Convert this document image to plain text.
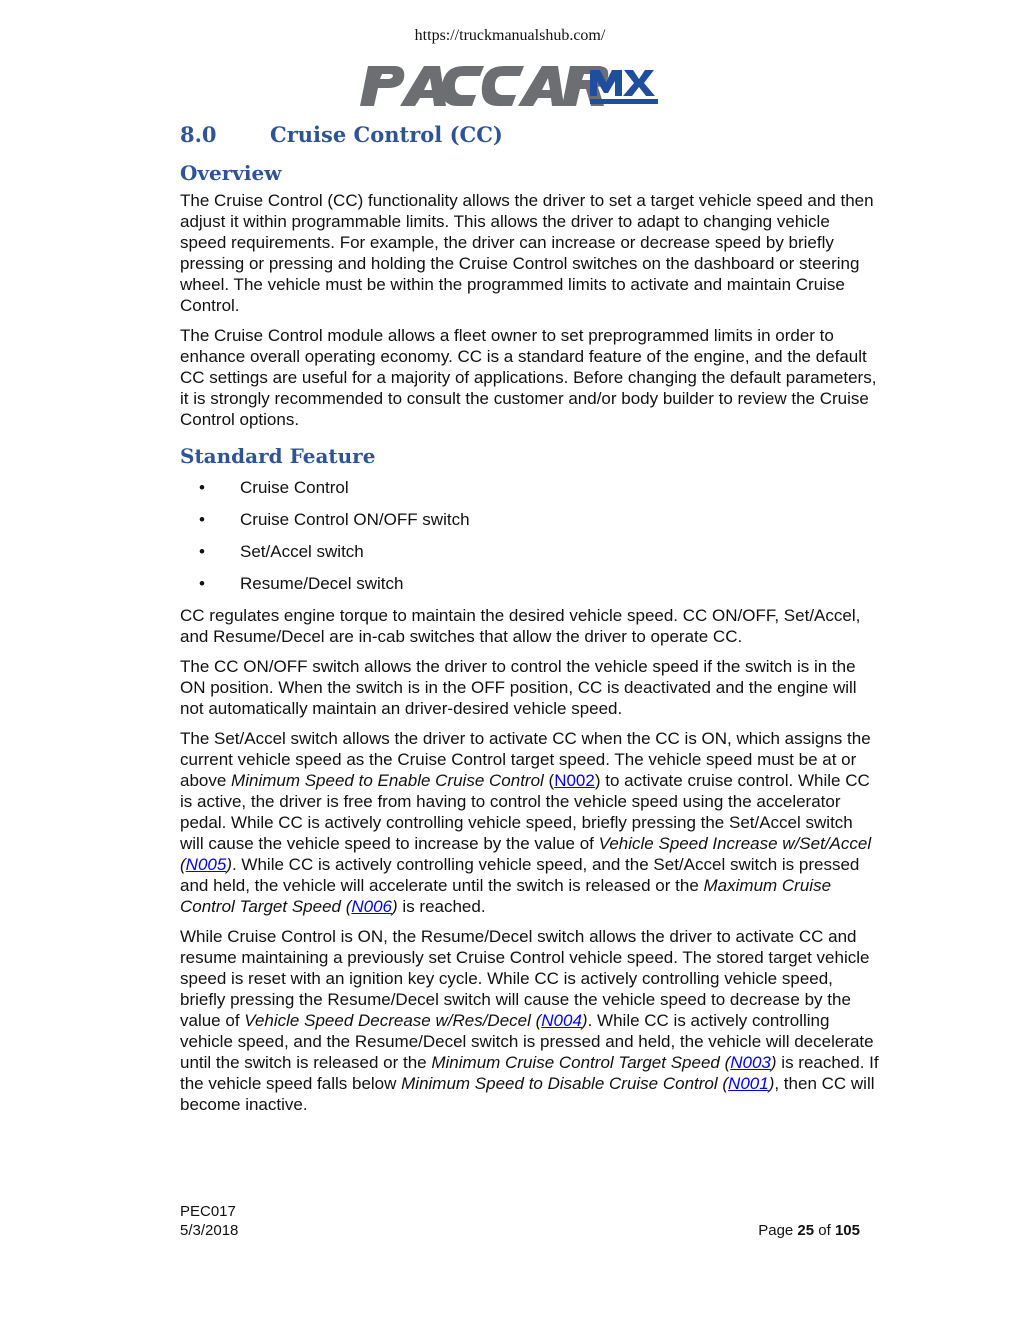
https://truckmanualshub.com/
8.0	Cruise Control (CC)
Overview

The Cruise Control (CC) functionality allows the driver to set a target vehicle speed and then adjust it within programmable limits. This allows the driver to adapt to changing vehicle speed requirements. For example, the driver can increase or decrease speed by briefly pressing or pressing and holding the Cruise Control switches on the dashboard or steering wheel. The vehicle must be within the programmed limits to activate and maintain Cruise Control.

The Cruise Control module allows a fleet owner to set preprogrammed limits in order to enhance overall operating economy. CC is a standard feature of the engine, and the default CC settings are useful for a majority of applications. Before changing the default parameters, it is strongly recommended to consult the customer and/or body builder to review the Cruise Control options.

Standard Feature
• Cruise Control
• Cruise Control ON/OFF switch
• Set/Accel switch
• Resume/Decel switch

CC regulates engine torque to maintain the desired vehicle speed. CC ON/OFF, Set/Accel, and Resume/Decel are in-cab switches that allow the driver to operate CC.

The CC ON/OFF switch allows the driver to control the vehicle speed if the switch is in the ON position. When the switch is in the OFF position, CC is deactivated and the engine will not automatically maintain an driver-desired vehicle speed.

The Set/Accel switch allows the driver to activate CC when the CC is ON, which assigns the current vehicle speed as the Cruise Control target speed. The vehicle speed must be at or above Minimum Speed to Enable Cruise Control (N002) to activate cruise control. While CC is active, the driver is free from having to control the vehicle speed using the accelerator pedal. While CC is actively controlling vehicle speed, briefly pressing the Set/Accel switch will cause the vehicle speed to increase by the value of Vehicle Speed Increase w/Set/Accel (N005). While CC is actively controlling vehicle speed, and the Set/Accel switch is pressed and held, the vehicle will accelerate until the switch is released or the Maximum Cruise Control Target Speed (N006) is reached.

While Cruise Control is ON, the Resume/Decel switch allows the driver to activate CC and resume maintaining a previously set Cruise Control vehicle speed. The stored target vehicle speed is reset with an ignition key cycle. While CC is actively controlling vehicle speed, briefly pressing the Resume/Decel switch will cause the vehicle speed to decrease by the value of Vehicle Speed Decrease w/Res/Decel (N004). While CC is actively controlling vehicle speed, and the Resume/Decel switch is pressed and held, the vehicle will decelerate until the switch is released or the Minimum Cruise Control Target Speed (N003) is reached. If the vehicle speed falls below Minimum Speed to Disable Cruise Control (N001), then CC will become inactive.

PEC017
5/3/2018	Page 25 of 105
